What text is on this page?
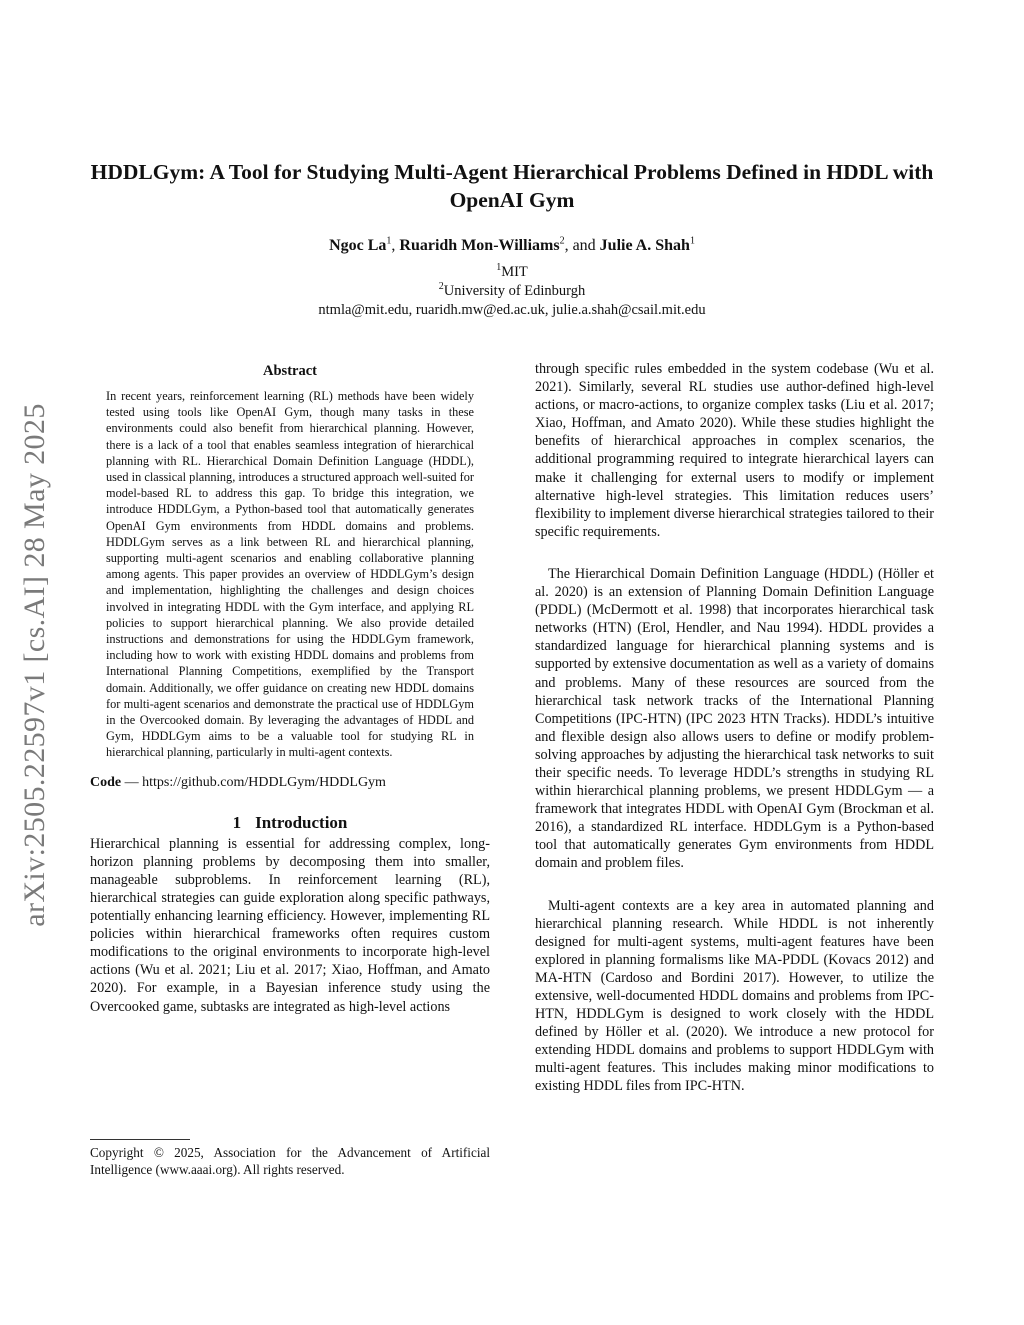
HDDLGym: A Tool for Studying Multi-Agent Hierarchical Problems Defined in HDDL with OpenAI Gym
Ngoc La$^1$, Ruaridh Mon-Williams$^2$, and Julie A. Shah$^1$
$^1$MIT
$^2$University of Edinburgh
ntmla@mit.edu, ruaridh.mw@ed.ac.uk, julie.a.shah@csail.mit.edu
arXiv:2505.22597v1 [cs.AI] 28 May 2025
Abstract

In recent years, reinforcement learning (RL) methods have been widely tested using tools like OpenAI Gym, though many tasks in these environments could also benefit from hierarchical planning. However, there is a lack of a tool that enables seamless integration of hierarchical planning with RL. Hierarchical Domain Definition Language (HDDL), used in classical planning, introduces a structured approach well-suited for model-based RL to address this gap. To bridge this integration, we introduce HDDLGym, a Python-based tool that automatically generates OpenAI Gym environments from HDDL domains and problems. HDDLGym serves as a link between RL and hierarchical planning, supporting multi-agent scenarios and enabling collaborative planning among agents. This paper provides an overview of HDDLGym’s design and implementation, highlighting the challenges and design choices involved in integrating HDDL with the Gym interface, and applying RL policies to support hierarchical planning. We also provide detailed instructions and demonstrations for using the HDDLGym framework, including how to work with existing HDDL domains and problems from International Planning Competitions, exemplified by the Transport domain. Additionally, we offer guidance on creating new HDDL domains for multi-agent scenarios and demonstrate the practical use of HDDLGym in the Overcooked domain. By leveraging the advantages of HDDL and Gym, HDDLGym aims to be a valuable tool for studying RL in hierarchical planning, particularly in multi-agent contexts.

Code — https://github.com/HDDLGym/HDDLGym
1 Introduction

Hierarchical planning is essential for addressing complex, long-horizon planning problems by decomposing them into smaller, manageable subproblems. In reinforcement learning (RL), hierarchical strategies can guide exploration along specific pathways, potentially enhancing learning efficiency. However, implementing RL policies within hierarchical frameworks often requires custom modifications to the original environments to incorporate high-level actions (Wu et al. 2021; Liu et al. 2017; Xiao, Hoffman, and Amato 2020). For example, in a Bayesian inference study using the Overcooked game, subtasks are integrated as high-level actions

Copyright © 2025, Association for the Advancement of Artificial Intelligence (www.aaai.org). All rights reserved.

through specific rules embedded in the system codebase (Wu et al. 2021). Similarly, several RL studies use author-defined high-level actions, or macro-actions, to organize complex tasks (Liu et al. 2017; Xiao, Hoffman, and Amato 2020). While these studies highlight the benefits of hierarchical approaches in complex scenarios, the additional programming required to integrate hierarchical layers can make it challenging for external users to modify or implement alternative high-level strategies. This limitation reduces users’ flexibility to implement diverse hierarchical strategies tailored to their specific requirements.

The Hierarchical Domain Definition Language (HDDL) (Höller et al. 2020) is an extension of Planning Domain Definition Language (PDDL) (McDermott et al. 1998) that incorporates hierarchical task networks (HTN) (Erol, Hendler, and Nau 1994). HDDL provides a standardized language for hierarchical planning systems and is supported by extensive documentation as well as a variety of domains and problems. Many of these resources are sourced from the hierarchical task network tracks of the International Planning Competitions (IPC-HTN) (IPC 2023 HTN Tracks). HDDL’s intuitive and flexible design also allows users to define or modify problem-solving approaches by adjusting the hierarchical task networks to suit their specific needs. To leverage HDDL’s strengths in studying RL within hierarchical planning problems, we present HDDLGym — a framework that integrates HDDL with OpenAI Gym (Brockman et al. 2016), a standardized RL interface. HDDLGym is a Python-based tool that automatically generates Gym environments from HDDL domain and problem files.

Multi-agent contexts are a key area in automated planning and hierarchical planning research. While HDDL is not inherently designed for multi-agent systems, multi-agent features have been explored in planning formalisms like MA-PDDL (Kovacs 2012) and MA-HTN (Cardoso and Bordini 2017). However, to utilize the extensive, well-documented HDDL domains and problems from IPC-HTN, HDDLGym is designed to work closely with the HDDL defined by Höller et al. (2020). We introduce a new protocol for extending HDDL domains and problems to support HDDLGym with multi-agent features. This includes making minor modifications to existing HDDL files from IPC-HTN.
